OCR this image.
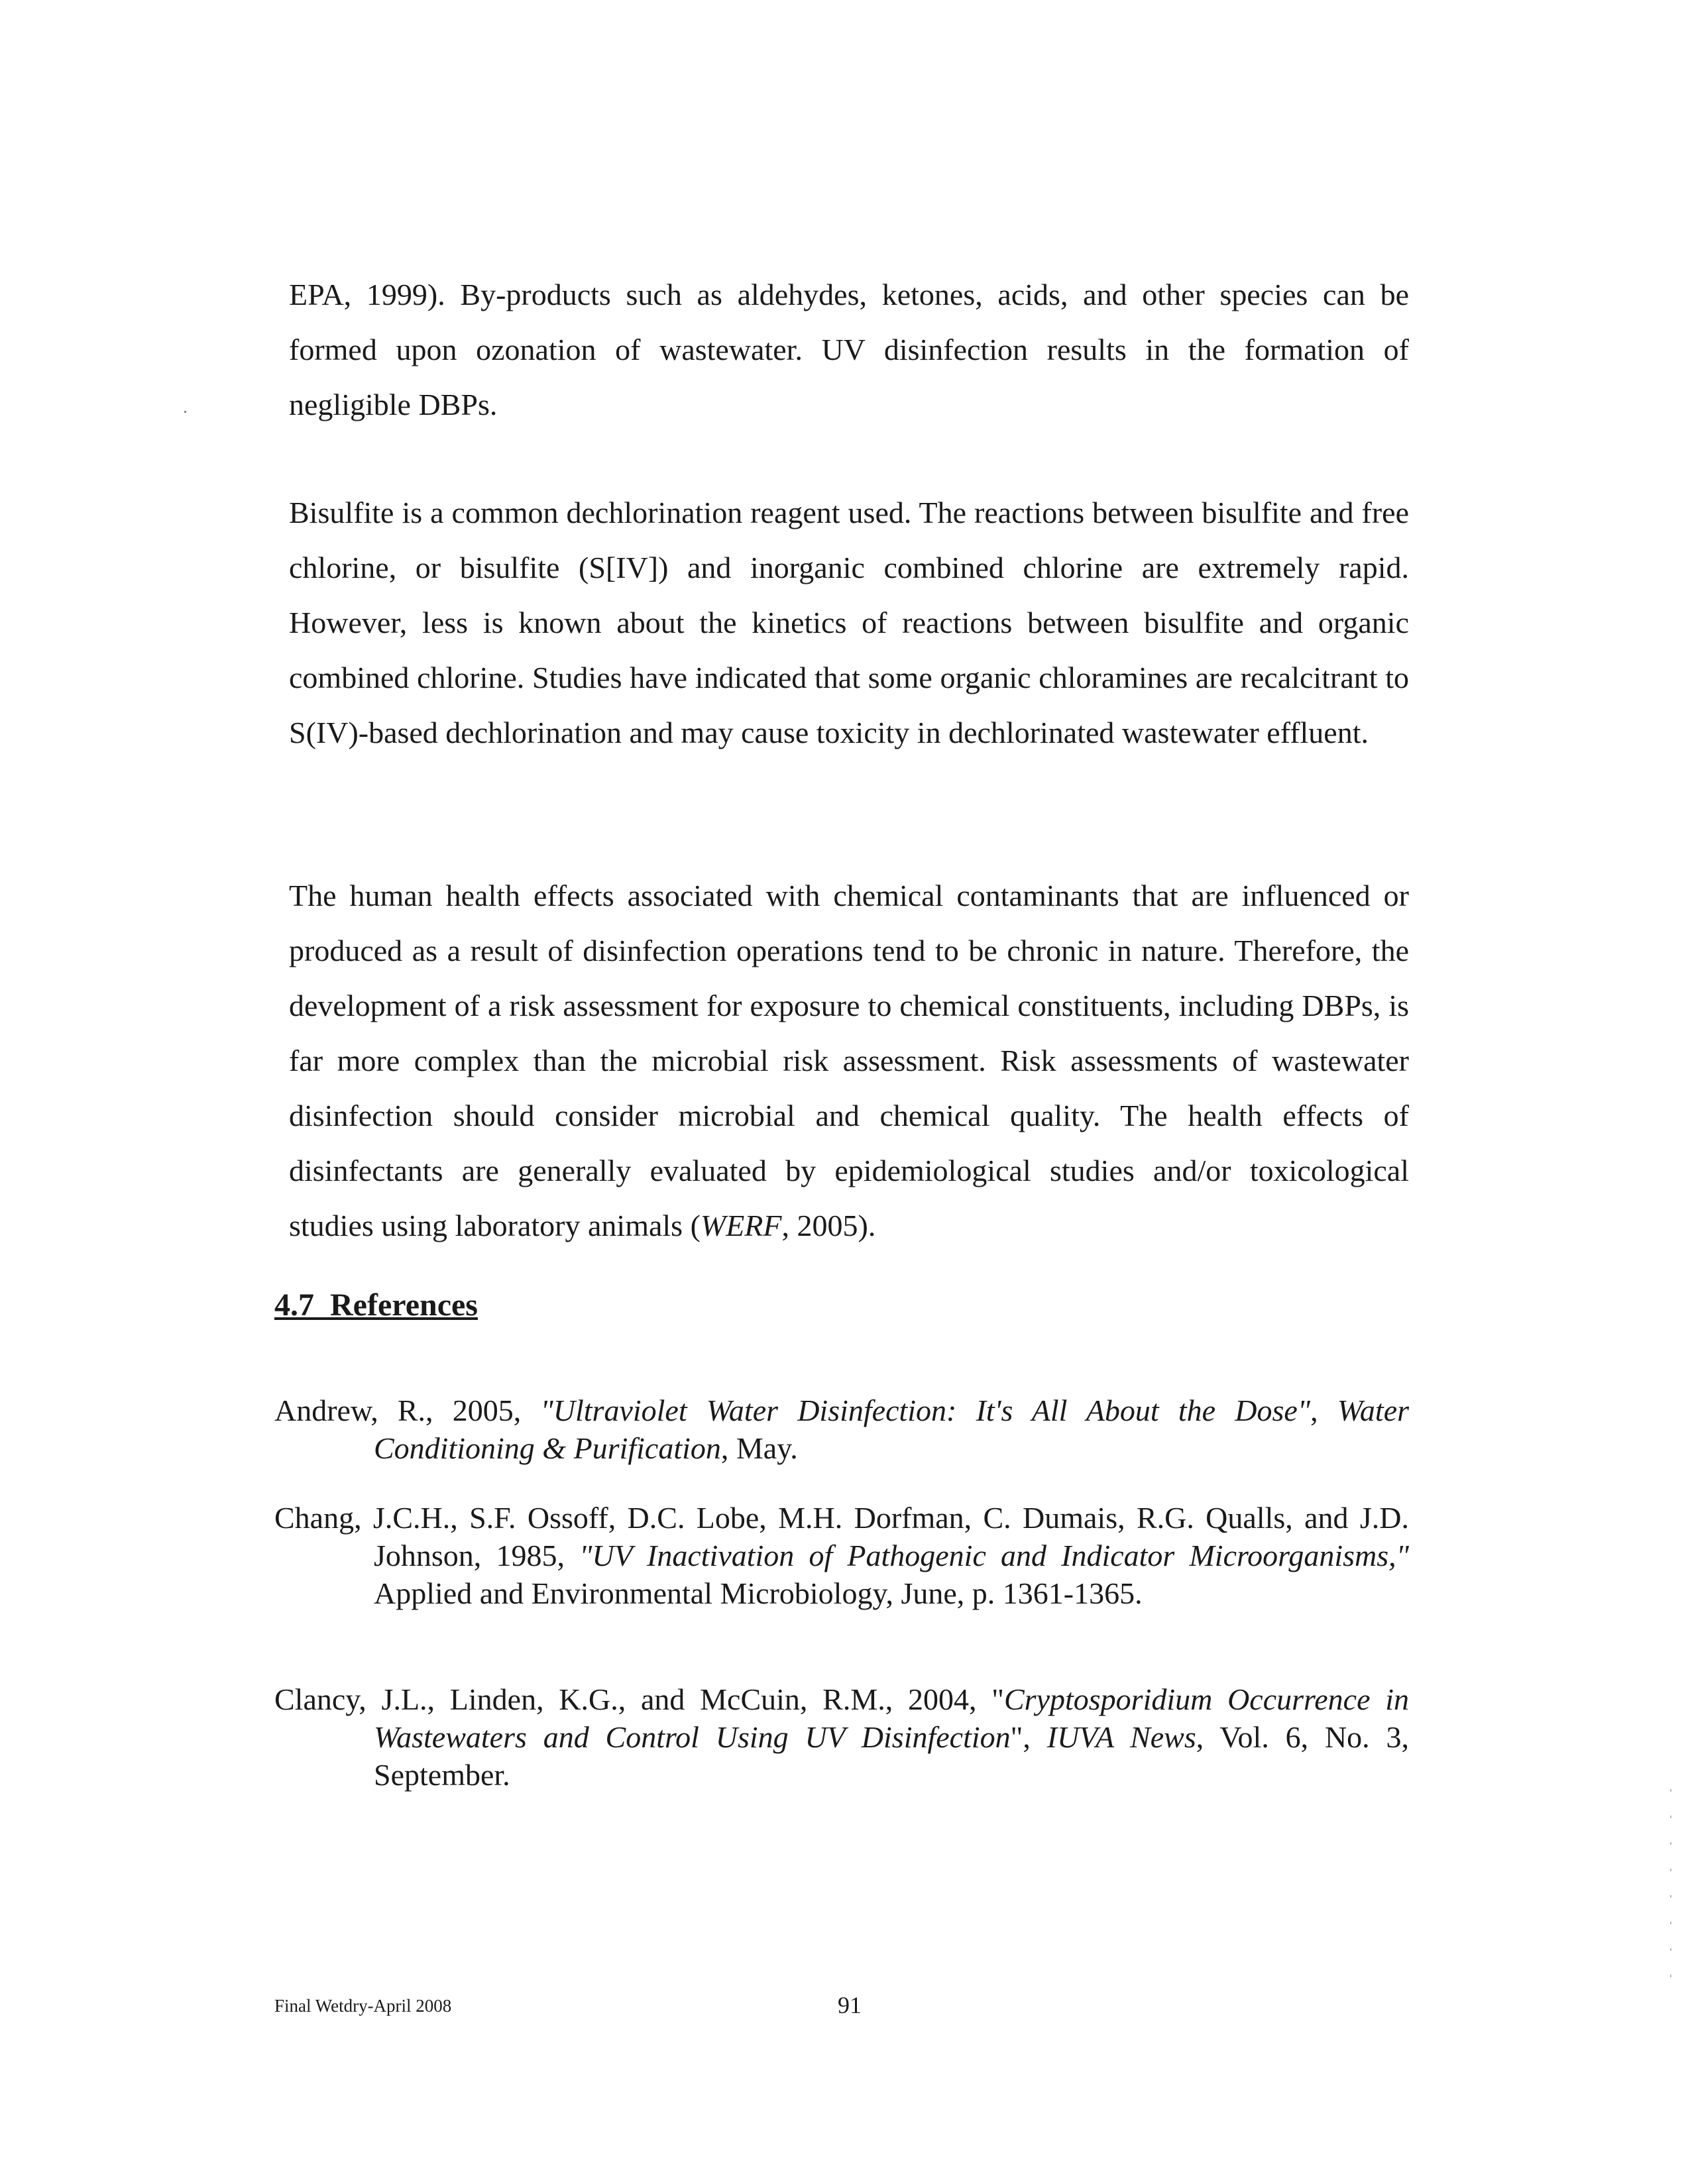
EPA, 1999). By-products such as aldehydes, ketones, acids, and other species can be formed upon ozonation of wastewater. UV disinfection results in the formation of negligible DBPs.

Bisulfite is a common dechlorination reagent used. The reactions between bisulfite and free chlorine, or bisulfite (S[IV]) and inorganic combined chlorine are extremely rapid. However, less is known about the kinetics of reactions between bisulfite and organic combined chlorine. Studies have indicated that some organic chloramines are recalcitrant to S(IV)-based dechlorination and may cause toxicity in dechlorinated wastewater effluent.

The human health effects associated with chemical contaminants that are influenced or produced as a result of disinfection operations tend to be chronic in nature. Therefore, the development of a risk assessment for exposure to chemical constituents, including DBPs, is far more complex than the microbial risk assessment. Risk assessments of wastewater disinfection should consider microbial and chemical quality. The health effects of disinfectants are generally evaluated by epidemiological studies and/or toxicological studies using laboratory animals (WERF, 2005).

4.7  References

Andrew, R., 2005, "Ultraviolet Water Disinfection: It's All About the Dose", Water Conditioning & Purification, May.

Chang, J.C.H., S.F. Ossoff, D.C. Lobe, M.H. Dorfman, C. Dumais, R.G. Qualls, and J.D. Johnson, 1985, "UV Inactivation of Pathogenic and Indicator Microorganisms," Applied and Environmental Microbiology, June, p. 1361-1365.

Clancy, J.L., Linden, K.G., and McCuin, R.M., 2004, "Cryptosporidium Occurrence in Wastewaters and Control Using UV Disinfection", IUVA News, Vol. 6, No. 3, September.

Final Wetdry-April 2008	91
